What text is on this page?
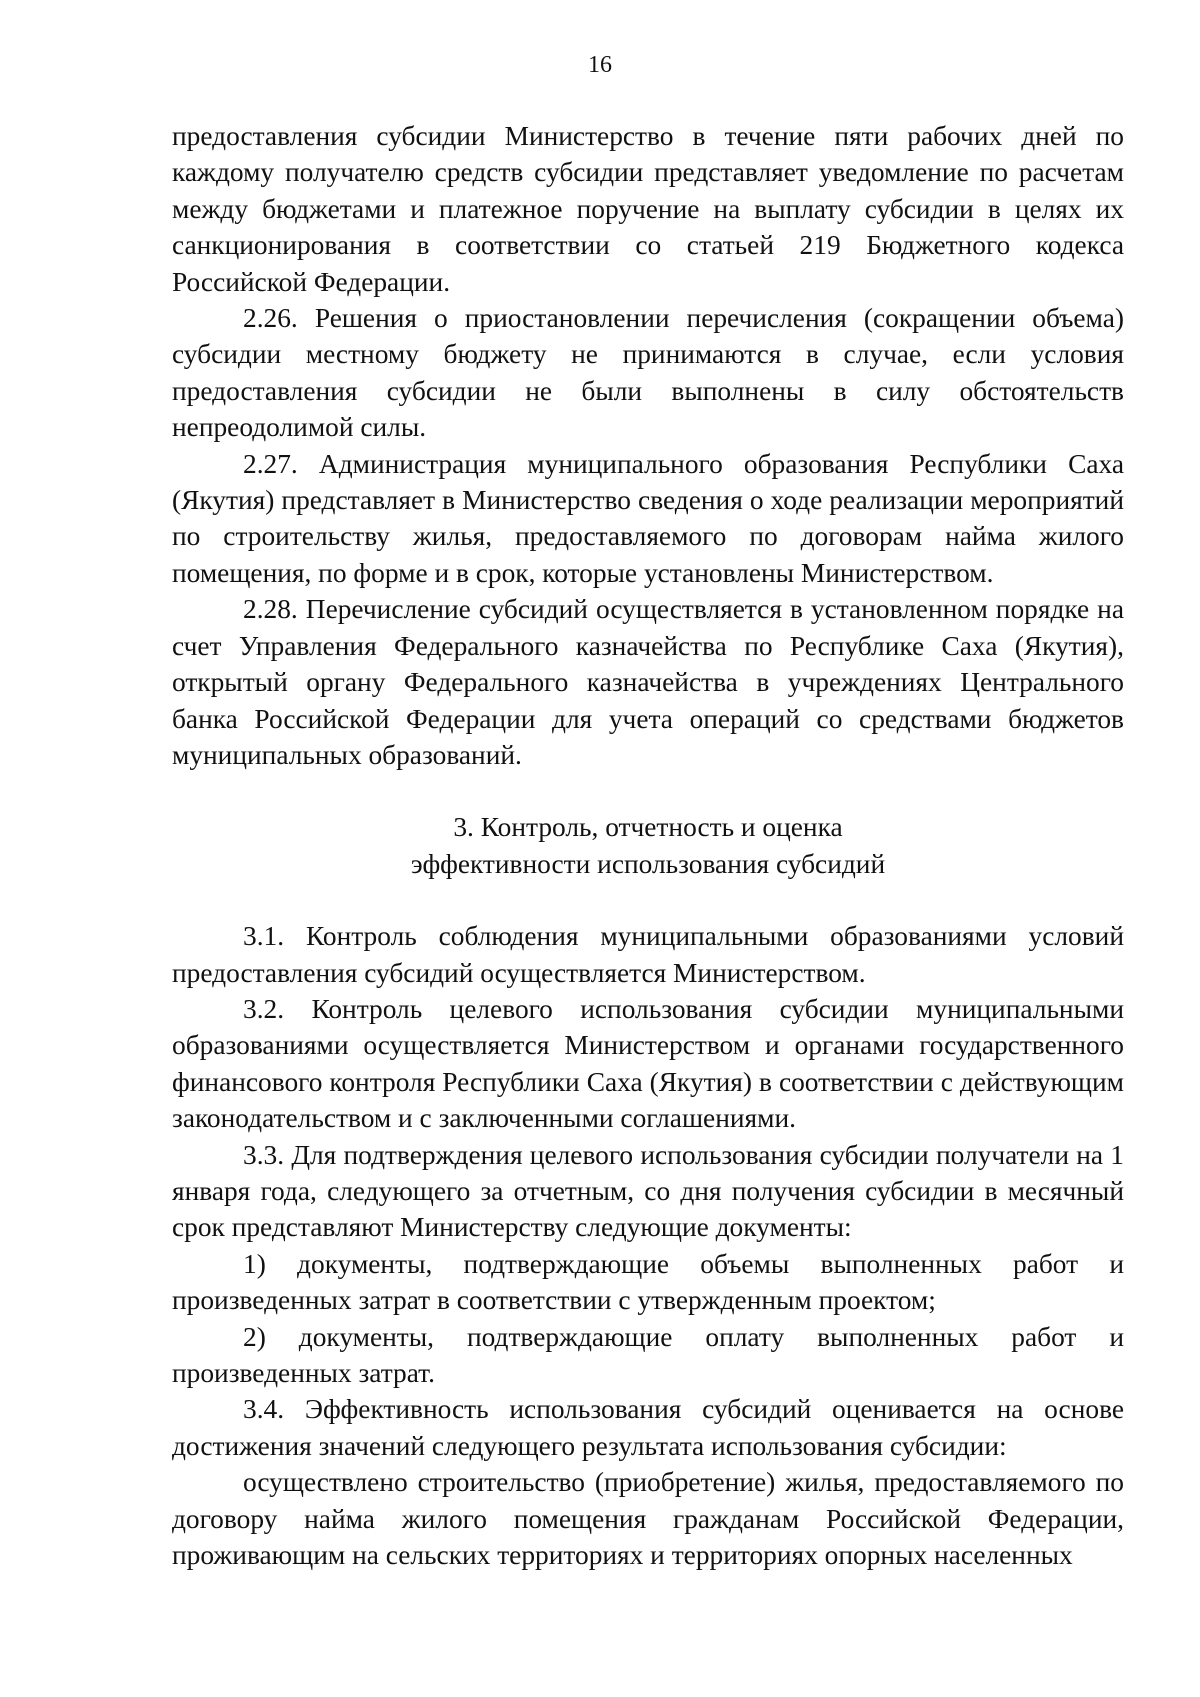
16

предоставления субсидии Министерство в течение пяти рабочих дней по каждому получателю средств субсидии представляет уведомление по расчетам между бюджетами и платежное поручение на выплату субсидии в целях их санкционирования в соответствии со статьей 219 Бюджетного кодекса Российской Федерации.

2.26. Решения о приостановлении перечисления (сокращении объема) субсидии местному бюджету не принимаются в случае, если условия предоставления субсидии не были выполнены в силу обстоятельств непреодолимой силы.

2.27. Администрация муниципального образования Республики Саха (Якутия) представляет в Министерство сведения о ходе реализации мероприятий по строительству жилья, предоставляемого по договорам найма жилого помещения, по форме и в срок, которые установлены Министерством.

2.28. Перечисление субсидий осуществляется в установленном порядке на счет Управления Федерального казначейства по Республике Саха (Якутия), открытый органу Федерального казначейства в учреждениях Центрального банка Российской Федерации для учета операций со средствами бюджетов муниципальных образований.

3. Контроль, отчетность и оценка
эффективности использования субсидий

3.1. Контроль соблюдения муниципальными образованиями условий предоставления субсидий осуществляется Министерством.

3.2. Контроль целевого использования субсидии муниципальными образованиями осуществляется Министерством и органами государственного финансового контроля Республики Саха (Якутия) в соответствии с действующим законодательством и с заключенными соглашениями.

3.3. Для подтверждения целевого использования субсидии получатели на 1 января года, следующего за отчетным, со дня получения субсидии в месячный срок представляют Министерству следующие документы:

1) документы, подтверждающие объемы выполненных работ и произведенных затрат в соответствии с утвержденным проектом;

2) документы, подтверждающие оплату выполненных работ и произведенных затрат.

3.4. Эффективность использования субсидий оценивается на основе достижения значений следующего результата использования субсидии:

осуществлено строительство (приобретение) жилья, предоставляемого по договору найма жилого помещения гражданам Российской Федерации, проживающим на сельских территориях и территориях опорных населенных
